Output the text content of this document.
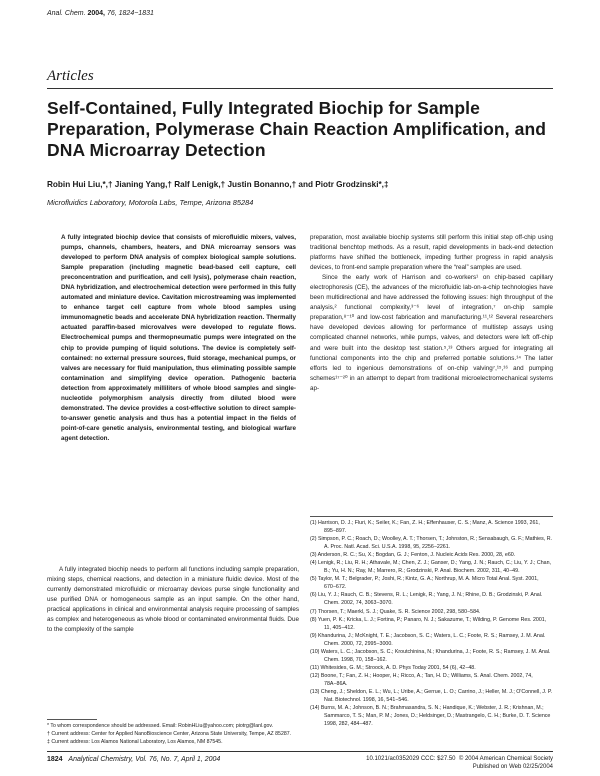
Anal. Chem. 2004, 76, 1824−1831
Articles
Self-Contained, Fully Integrated Biochip for Sample Preparation, Polymerase Chain Reaction Amplification, and DNA Microarray Detection
Robin Hui Liu,*,† Jianing Yang,† Ralf Lenigk,† Justin Bonanno,† and Piotr Grodzinski*,‡
Microfluidics Laboratory, Motorola Labs, Tempe, Arizona 85284
A fully integrated biochip device that consists of microfluidic mixers, valves, pumps, channels, chambers, heaters, and DNA microarray sensors was developed to perform DNA analysis of complex biological sample solutions. Sample preparation (including magnetic bead-based cell capture, cell preconcentration and purification, and cell lysis), polymerase chain reaction, DNA hybridization, and electrochemical detection were performed in this fully automated and miniature device. Cavitation microstreaming was implemented to enhance target cell capture from whole blood samples using immunomagnetic beads and accelerate DNA hybridization reaction. Thermally actuated paraffin-based microvalves were developed to regulate flows. Electrochemical pumps and thermopneumatic pumps were integrated on the chip to provide pumping of liquid solutions. The device is completely self-contained: no external pressure sources, fluid storage, mechanical pumps, or valves are necessary for fluid manipulation, thus eliminating possible sample contamination and simplifying device operation. Pathogenic bacteria detection from approximately milliliters of whole blood samples and single-nucleotide polymorphism analysis directly from diluted blood were demonstrated. The device provides a cost-effective solution to direct sample-to-answer genetic analysis and thus has a potential impact in the fields of point-of-care genetic analysis, environmental testing, and biological warfare agent detection.

A fully integrated biochip needs to perform all functions including sample preparation, mixing steps, chemical reactions, and detection in a miniature fluidic device. Most of the currently demonstrated microfluidic or microarray devices purse single functionality and use purified DNA or homogeneous sample as an input sample. On the other hand, practical applications in clinical and environmental analysis require processing of samples as complex and heterogeneous as whole blood or contaminated environmental fluids. Due to the complexity of the sample

* To whom correspondence should be addressed. Email: RobinHLiu@yahoo.com; piotrg@lanl.gov.
† Current address: Center for Applied NanoBioscience Center, Arizona State University, Tempe, AZ 85287.
‡ Current address: Los Alamos National Laboratory, Los Alamos, NM 87545.

preparation, most available biochip systems still perform this initial step off-chip using traditional benchtop methods. As a result, rapid developments in back-end detection platforms have shifted the bottleneck, impeding further progress in rapid analysis devices, to front-end sample preparation where the “real” samples are used.

Since the early work of Harrison and co-workers¹ on chip-based capillary electrophoresis (CE), the advances of the microfluidic lab-on-a-chip technologies have been multidirectional and have addressed the following issues: high throughput of the analysis,² functional complexity,³⁻⁶ level of integration,⁷ on-chip sample preparation,⁸⁻¹⁰ and low-cost fabrication and manufacturing.¹¹,¹² Several researchers have developed devices allowing for performance of multistep assays using complicated channel networks, while pumps, valves, and detectors were left off-chip and were built into the desktop test station.⁵,¹³ Others argued for integrating all functional components into the chip and preferred portable solutions.¹⁴ The latter efforts led to ingenious demonstrations of on-chip valving⁷,¹⁵,¹⁶ and pumping schemes¹⁷⁻²⁰ in an attempt to depart from traditional microelectromechanical systems ap-

(1) Harrison, D. J.; Fluri, K.; Seiler, K.; Fan, Z. H.; Effenhauser, C. S.; Manz, A. Science 1993, 261, 895−897.
(2) Simpson, P. C.; Roach, D.; Woolley, A. T.; Thorsen, T.; Johnston, R.; Sensabaugh, G. F.; Mathies, R. A. Proc. Natl. Acad. Sci. U.S.A. 1998, 95, 2256−2261.
(3) Anderson, R. C.; Su, X.; Bogdan, G. J.; Fenton, J. Nucleic Acids Res. 2000, 28, e60.
(4) Lenigk, R.; Liu, R. H.; Athavale, M.; Chen, Z. J.; Ganser, D.; Yang, J. N.; Rauch, C.; Liu, Y. J.; Chan, B.; Yu, H. N.; Ray, M.; Marrero, R.; Grodzinski, P. Anal. Biochem. 2002, 311, 40−49.
(5) Taylor, M. T.; Belgrader, P.; Joshi, R.; Kintz, G. A.; Northrup, M. A. Micro Total Anal. Syst. 2001, 670−672.
(6) Liu, Y. J.; Rauch, C. B.; Stevens, R. L.; Lenigk, R.; Yang, J. N.; Rhine, D. B.; Grodzinski, P. Anal. Chem. 2002, 74, 3063−3070.
(7) Thorsen, T.; Maerkl, S. J.; Quake, S. R. Science 2002, 298, 580−584.
(8) Yuen, P. K.; Kricka, L. J.; Fortina, P.; Panaro, N. J.; Sakazume, T.; Wilding, P. Genome Res. 2001, 11, 405−412.
(9) Khandurina, J.; McKnight, T. E.; Jacobson, S. C.; Waters, L. C.; Foote, R. S.; Ramsey, J. M. Anal. Chem. 2000, 72, 2995−3000.
(10) Waters, L. C.; Jacobson, S. C.; Kroutchinina, N.; Khandurina, J.; Foote, R. S.; Ramsey, J. M. Anal. Chem. 1998, 70, 158−162.
(11) Whitesides, G. M.; Stroock, A. D. Phys Today 2001, 54 (6), 42−48.
(12) Boone, T.; Fan, Z. H.; Hooper, H.; Ricco, A.; Tan, H. D.; Williams, S. Anal. Chem. 2002, 74, 78A−86A.
(13) Cheng, J.; Sheldon, E. L.; Wu, L.; Uribe, A.; Gerrue, L. O.; Carrino, J.; Heller, M. J.; O'Connell, J. P. Nat. Biotechnol. 1998, 16, 541−546.
(14) Burns, M. A.; Johnson, B. N.; Brahmasandra, S. N.; Handique, K.; Webster, J. R.; Krishnan, M.; Sammarco, T. S.; Man, P. M.; Jones, D.; Heldsinger, D.; Mastrangelo, C. H.; Burke, D. T. Science 1998, 282, 484−487.
1824 Analytical Chemistry, Vol. 76, No. 7, April 1, 2004	10.1021/ac0352029 CCC: $27.50 © 2004 American Chemical Society
Published on Web 02/25/2004
